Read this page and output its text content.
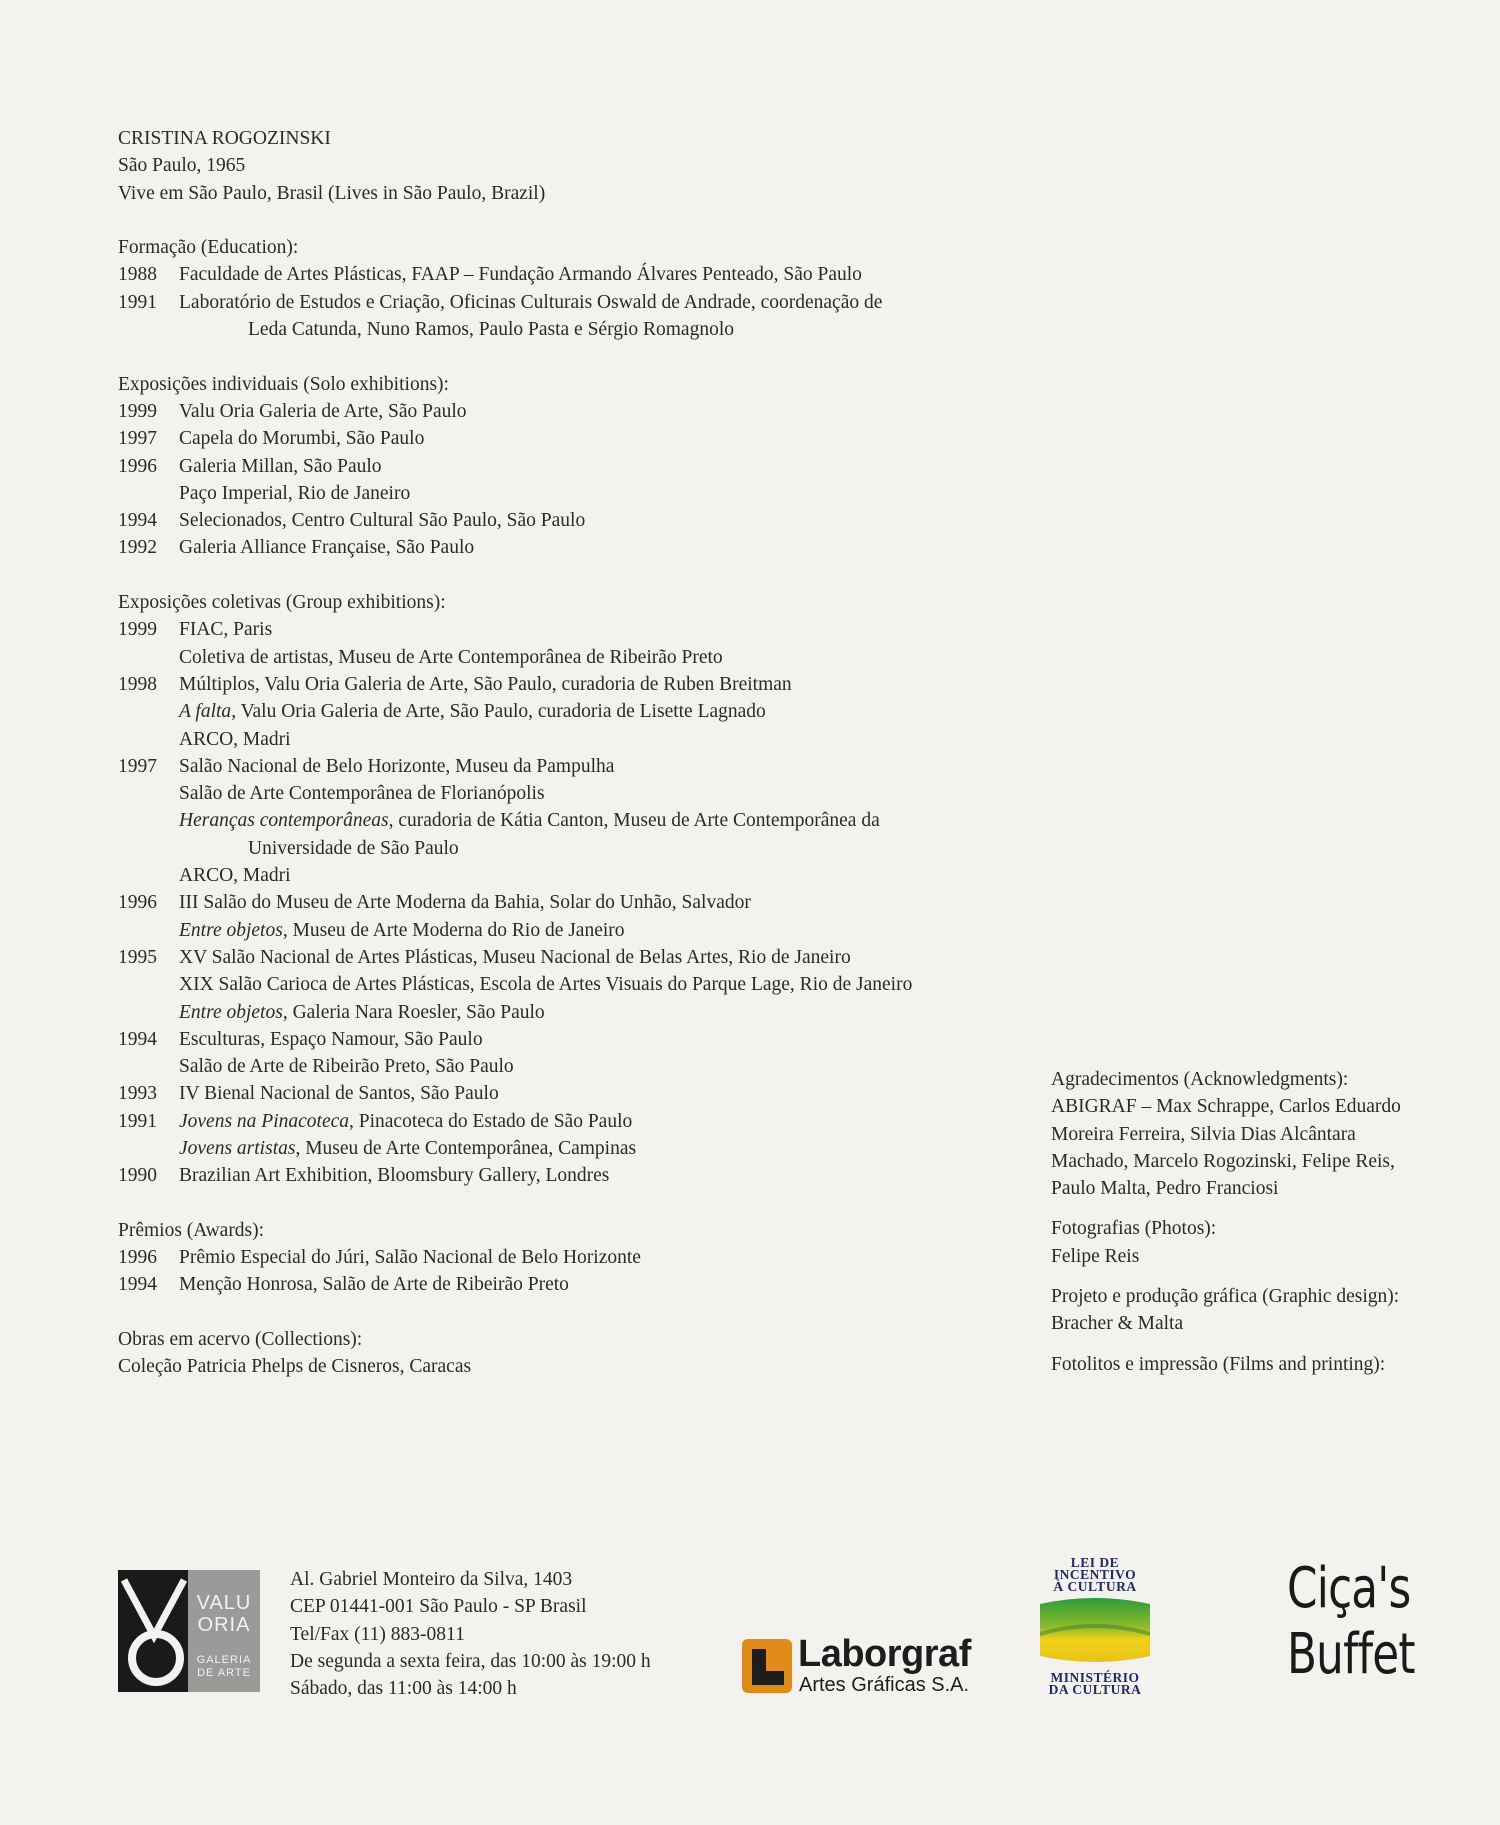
CRISTINA ROGOZINSKI
São Paulo, 1965
Vive em São Paulo, Brasil (Lives in São Paulo, Brazil)
Formação (Education):
1988	Faculdade de Artes Plásticas, FAAP – Fundação Armando Álvares Penteado, São Paulo
1991	Laboratório de Estudos e Criação, Oficinas Culturais Oswald de Andrade, coordenação de
Leda Catunda, Nuno Ramos, Paulo Pasta e Sérgio Romagnolo
Exposições individuais (Solo exhibitions):
1999	Valu Oria Galeria de Arte, São Paulo
1997	Capela do Morumbi, São Paulo
1996	Galeria Millan, São Paulo
Paço Imperial, Rio de Janeiro
1994	Selecionados, Centro Cultural São Paulo, São Paulo
1992	Galeria Alliance Française, São Paulo
Exposições coletivas (Group exhibitions):
1999	FIAC, Paris
Coletiva de artistas, Museu de Arte Contemporânea de Ribeirão Preto
1998	Múltiplos, Valu Oria Galeria de Arte, São Paulo, curadoria de Ruben Breitman
A falta, Valu Oria Galeria de Arte, São Paulo, curadoria de Lisette Lagnado
ARCO, Madri
1997	Salão Nacional de Belo Horizonte, Museu da Pampulha
Salão de Arte Contemporânea de Florianópolis
Heranças contemporâneas, curadoria de Kátia Canton, Museu de Arte Contemporânea da
Universidade de São Paulo
ARCO, Madri
1996	III Salão do Museu de Arte Moderna da Bahia, Solar do Unhão, Salvador
Entre objetos, Museu de Arte Moderna do Rio de Janeiro
1995	XV Salão Nacional de Artes Plásticas, Museu Nacional de Belas Artes, Rio de Janeiro
XIX Salão Carioca de Artes Plásticas, Escola de Artes Visuais do Parque Lage, Rio de Janeiro
Entre objetos, Galeria Nara Roesler, São Paulo
1994	Esculturas, Espaço Namour, São Paulo
Salão de Arte de Ribeirão Preto, São Paulo
1993	IV Bienal Nacional de Santos, São Paulo
1991	Jovens na Pinacoteca, Pinacoteca do Estado de São Paulo
Jovens artistas, Museu de Arte Contemporânea, Campinas
1990	Brazilian Art Exhibition, Bloomsbury Gallery, Londres
Prêmios (Awards):
1996	Prêmio Especial do Júri, Salão Nacional de Belo Horizonte
1994	Menção Honrosa, Salão de Arte de Ribeirão Preto
Obras em acervo (Collections):
Coleção Patricia Phelps de Cisneros, Caracas
Agradecimentos (Acknowledgments):
ABIGRAF – Max Schrappe, Carlos Eduardo
Moreira Ferreira, Silvia Dias Alcântara
Machado, Marcelo Rogozinski, Felipe Reis,
Paulo Malta, Pedro Franciosi
Fotografias (Photos):
Felipe Reis
Projeto e produção gráfica (Graphic design):
Bracher & Malta
Fotolitos e impressão (Films and printing):
VALU
ORIA
GALERIA
DE ARTE
Al. Gabriel Monteiro da Silva, 1403
CEP 01441-001 São Paulo - SP Brasil
Tel/Fax (11) 883-0811
De segunda a sexta feira, das 10:00 às 19:00 h
Sábado, das 11:00 às 14:00 h
Laborgraf
Artes Gráficas S.A.
LEI DE
INCENTIVO
À CULTURA
MINISTÉRIO
DA CULTURA
Ciça's
Buffet
